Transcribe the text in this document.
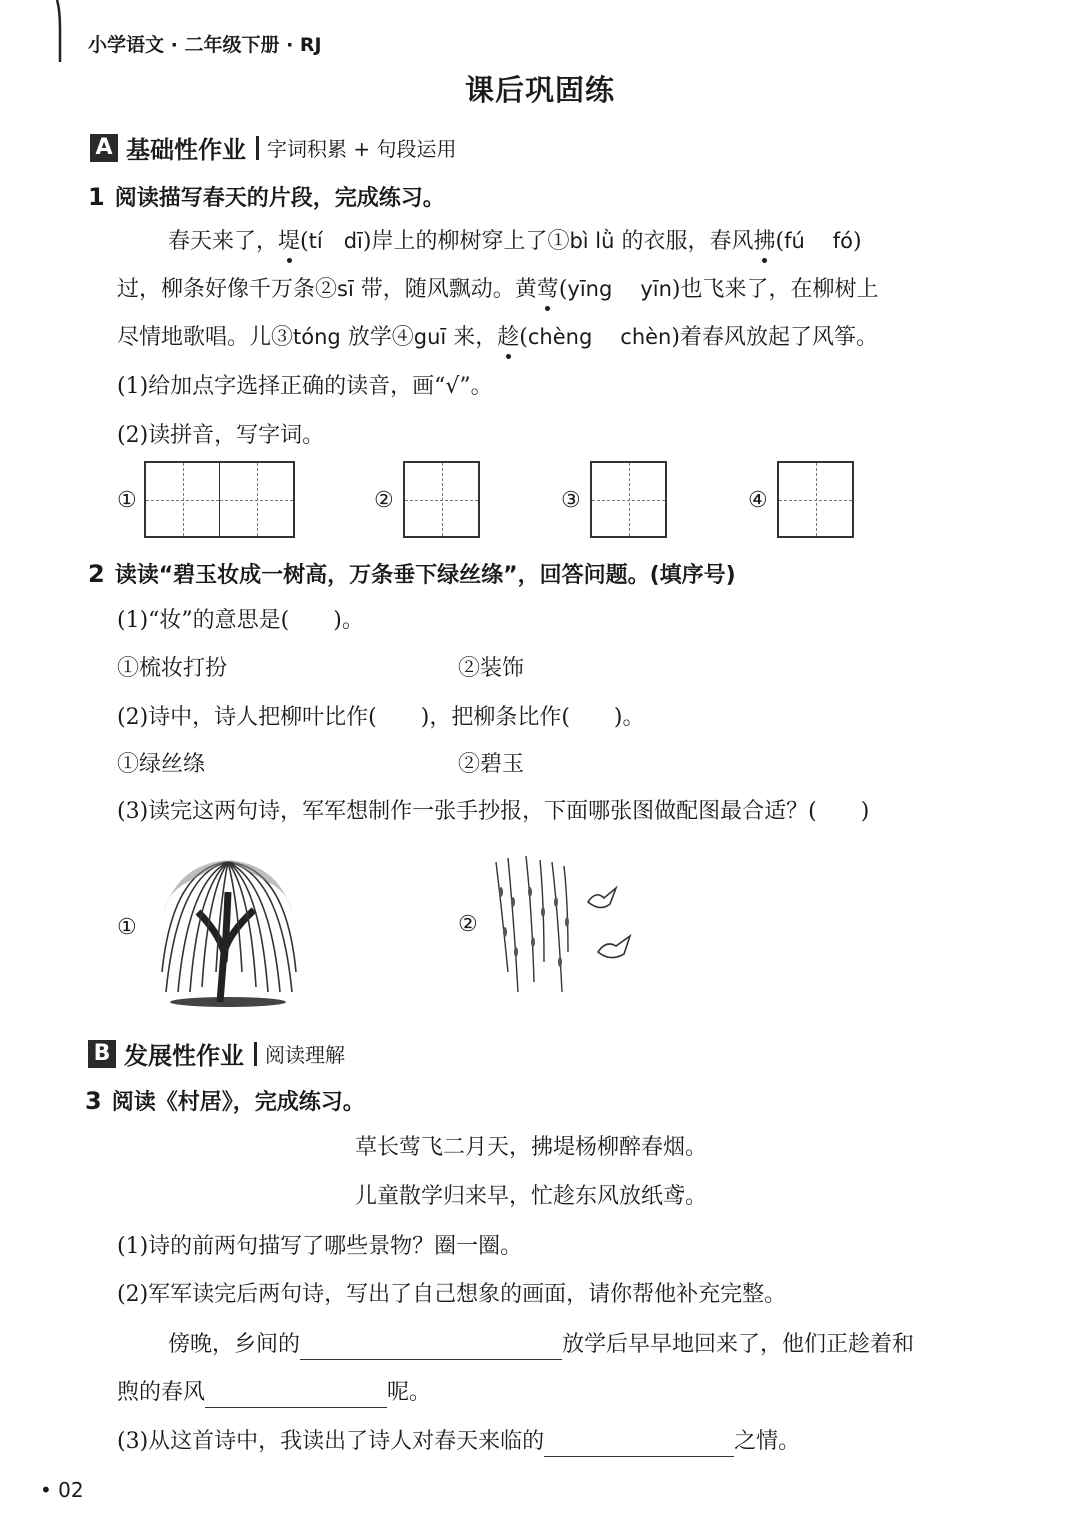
小学语文 · 二年级下册 · RJ
课后巩固练
A 基础性作业 字词积累 + 句段运用
1 阅读描写春天的片段，完成练习。
春天来了，堤(tí dī)岸上的柳树穿上了①bì lǜ 的衣服，春风拂(fú fó)
过，柳条好像千万条②sī 带，随风飘动。黄莺(yīng yīn)也飞来了，在柳树上
尽情地歌唱。儿③tóng 放学④guī 来，趁(chèng chèn)着春风放起了风筝。
(1)给加点字选择正确的读音，画“√”。
(2)读拼音，写字词。
①	②	③	④
2 读读“碧玉妆成一树高，万条垂下绿丝绦”，回答问题。(填序号)
(1)“妆”的意思是(　　)。
①梳妆打扮	②装饰
(2)诗中，诗人把柳叶比作(　　)，把柳条比作(　　)。
①绿丝绦	②碧玉
(3)读完这两句诗，军军想制作一张手抄报，下面哪张图做配图最合适？(　　)
①	②
B 发展性作业 阅读理解
3 阅读《村居》，完成练习。
草长莺飞二月天，拂堤杨柳醉春烟。
儿童散学归来早，忙趁东风放纸鸢。
(1)诗的前两句描写了哪些景物？圈一圈。
(2)军军读完后两句诗，写出了自己想象的画面，请你帮他补充完整。
傍晚，乡间的	放学后早早地回来了，他们正趁着和
煦的春风	呢。
(3)从这首诗中，我读出了诗人对春天来临的	之情。
• 02
